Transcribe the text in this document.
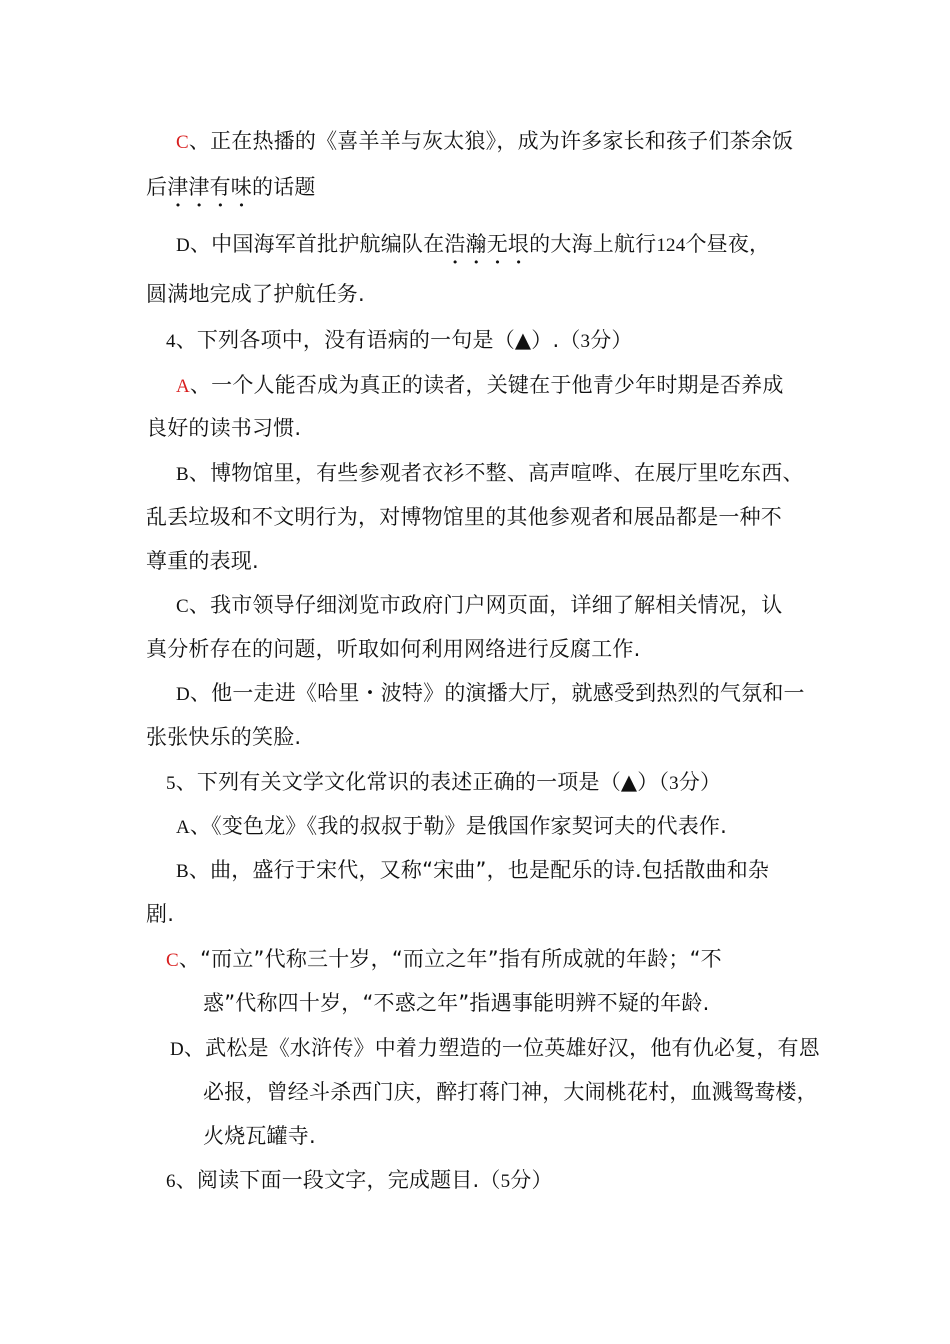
C、正在热播的《喜羊羊与灰太狼》，成为许多家长和孩子们茶余饭
后津津有味的话题
D、中国海军首批护航编队在浩瀚无垠的大海上航行124个昼夜，
圆满地完成了护航任务.
4、下列各项中，没有语病的一句是（▲）.（3分）
A、一个人能否成为真正的读者，关键在于他青少年时期是否养成
良好的读书习惯.
B、博物馆里，有些参观者衣衫不整、高声喧哗、在展厅里吃东西、
乱丢垃圾和不文明行为，对博物馆里的其他参观者和展品都是一种不
尊重的表现.
C、我市领导仔细浏览市政府门户网页面，详细了解相关情况，认
真分析存在的问题，听取如何利用网络进行反腐工作.
D、他一走进《哈里・波特》的演播大厅，就感受到热烈的气氛和一
张张快乐的笑脸.
5、下列有关文学文化常识的表述正确的一项是（▲）（3分）
A、《变色龙》《我的叔叔于勒》是俄国作家契诃夫的代表作.
B、曲，盛行于宋代，又称“宋曲”，也是配乐的诗.包括散曲和杂
剧.
C、“而立”代称三十岁，“而立之年”指有所成就的年龄；“不
惑”代称四十岁，“不惑之年”指遇事能明辨不疑的年龄.
D、武松是《水浒传》中着力塑造的一位英雄好汉，他有仇必复，有恩
必报，曾经斗杀西门庆，醉打蒋门神，大闹桃花村，血溅鸳鸯楼，
火烧瓦罐寺.
6、阅读下面一段文字，完成题目.（5分）
